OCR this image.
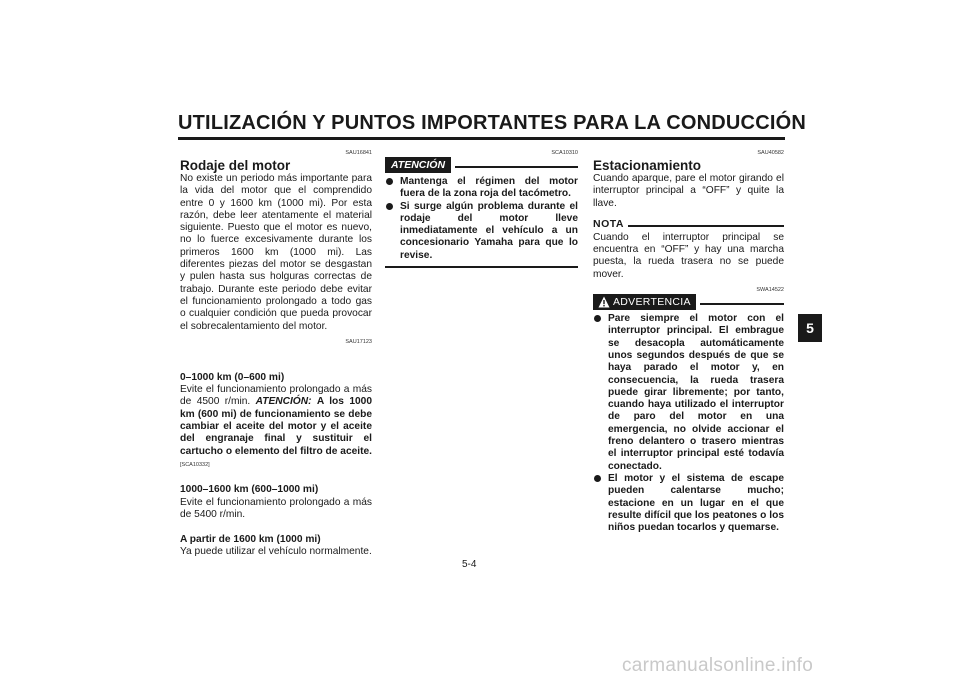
UTILIZACIÓN Y PUNTOS IMPORTANTES PARA LA CONDUCCIÓN
5
SAU16841
Rodaje del motor

No existe un periodo más importante para la vida del motor que el comprendido entre 0 y 1600 km (1000 mi). Por esta razón, debe leer atentamente el material siguiente. Puesto que el motor es nuevo, no lo fuerce excesivamente durante los primeros 1600 km (1000 mi). Las diferentes piezas del motor se desgastan y pulen hasta sus holguras correctas de trabajo. Durante este periodo debe evitar el funcionamiento prolongado a todo gas o cualquier condición que pueda provocar el sobrecalentamiento del motor.

SAU17123

0–1000 km (0–600 mi)

Evite el funcionamiento prolongado a más de 4500 r/min. ATENCIÓN: A los 1000 km (600 mi) de funcionamiento se debe cambiar el aceite del motor y el aceite del engranaje final y sustituir el cartucho o elemento del filtro de aceite. [SCA10332]

1000–1600 km (600–1000 mi)

Evite el funcionamiento prolongado a más de 5400 r/min.

A partir de 1600 km (1000 mi)

Ya puede utilizar el vehículo normalmente.

SCA10310
ATENCIÓN
Mantenga el régimen del motor fuera de la zona roja del tacómetro.
Si surge algún problema durante el rodaje del motor lleve inmediatamente el vehículo a un concesionario Yamaha para que lo revise.
SAU40582
Estacionamiento

Cuando aparque, pare el motor girando el interruptor principal a “OFF” y quite la llave.

NOTA

Cuando el interruptor principal se encuentra en “OFF” y hay una marcha puesta, la rueda trasera no se puede mover.

SWA14522
ADVERTENCIA
Pare siempre el motor con el interruptor principal. El embrague se desacopla automáticamente unos segundos después de que se haya parado el motor y, en consecuencia, la rueda trasera puede girar libremente; por tanto, cuando haya utilizado el interruptor de paro del motor en una emergencia, no olvide accionar el freno delantero o trasero mientras el interruptor principal esté todavía conectado.
El motor y el sistema de escape pueden calentarse mucho; estacione en un lugar en el que resulte difícil que los peatones o los niños puedan tocarlos y quemarse.
5-4
carmanualsonline.info
